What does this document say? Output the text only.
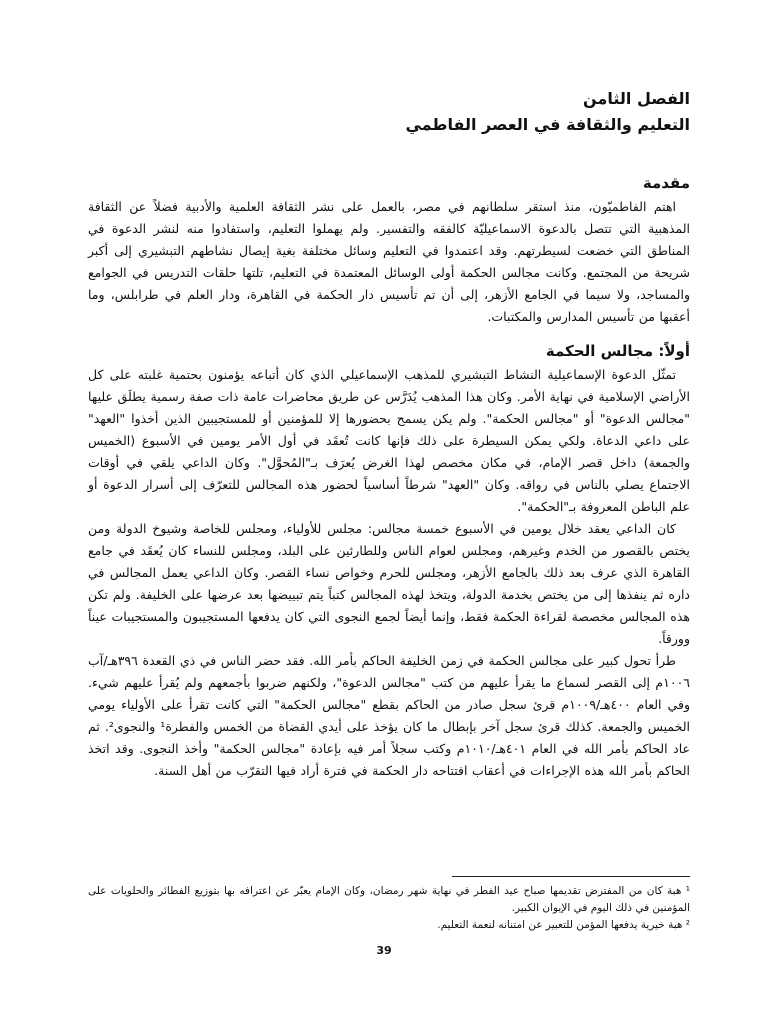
الفصل الثامن
التعليم والثقافة في العصر الفاطمي
مقدمة

اهتم الفاطميّون، منذ استقر سلطانهم في مصر، بالعمل على نشر الثقافة العلمية والأدبية فضلاً عن الثقافة المذهبية التي تتصل بالدعوة الاسماعيليّة كالفقه والتفسير. ولم يهملوا التعليم، واستفادوا منه لنشر الدعوة في المناطق التي خضعت لسيطرتهم. وقد اعتمدوا في التعليم وسائل مختلفة بغية إيصال نشاطهم التبشيري إلى أكبر شريحة من المجتمع. وكانت مجالس الحكمة أولى الوسائل المعتمدة في التعليم، تلتها حلقات التدريس في الجوامع والمساجد، ولا سيما في الجامع الأزهر، إلى أن تم تأسيس دار الحكمة في القاهرة، ودار العلم في طرابلس، وما أعقبها من تأسيس المدارس والمكتبات.

أولاً: مجالس الحكمة

تمثّل الدعوة الإسماعيلية النشاط التبشيري للمذهب الإسماعيلي الذي كان أتباعه يؤمنون بحتمية غلبته على كل الأراضي الإسلامية في نهاية الأمر. وكان هذا المذهب يُدَرَّس عن طريق محاضرات عامة ذات صفة رسمية يطلَق عليها "مجالس الدعوة" أو "مجالس الحكمة". ولم يكن يسمح بحضورها إلا للمؤمنين أو للمستجيبين الذين أخذوا "العهد" على داعي الدعاة. ولكي يمكن السيطرة على ذلك فإنها كانت تُعقَد في أول الأمر يومين في الأسبوع (الخميس والجمعة) داخل قصر الإمام، في مكان مخصص لهذا الغرض يُعرَف بـ"المُحوَّل". وكان الداعي يلقي في أوقات الاجتماع يصلي بالناس في رواقه. وكان "العهد" شرطاً أساسياً لحضور هذه المجالس للتعرّف إلى أسرار الدعوة أو علم الباطن المعروفة بـ"الحكمة".

كان الداعي يعقد خلال يومين في الأسبوع خمسة مجالس: مجلس للأولياء، ومجلس للخاصة وشيوخ الدولة ومن يختص بالقصور من الخدم وغيرهم، ومجلس لعوام الناس وللطارئين على البلد، ومجلس للنساء كان يُعقَد في جامع القاهرة الذي عرف بعد ذلك بالجامع الأزهر، ومجلس للحرم وخواص نساء القصر. وكان الداعي يعمل المجالس في داره ثم ينفذها إلى من يختص بخدمة الدولة، ويتخذ لهذه المجالس كتباً يتم تبييضها بعد عرضها على الخليفة. ولم تكن هذه المجالس مخصصة لقراءة الحكمة فقط، وإنما أيضاً لجمع النجوى التي كان يدفعها المستجيبون والمستجيبات عيناً وورقاً.

طرأ تحول كبير على مجالس الحكمة في زمن الخليفة الحاكم بأمر الله. فقد حضر الناس في ذي القعدة ٣٩٦هـ/آب ١٠٠٦م إلى القصر لسماع ما يقرأ عليهم من كتب "مجالس الدعوة"، ولكنهم ضربوا بأجمعهم ولم يُقرأ عليهم شيء. وفي العام ٤٠٠هـ/١٠٠٩م قرئ سجل صادر من الحاكم بقطع "مجالس الحكمة" التي كانت تقرأ على الأولياء يومي الخميس والجمعة. كذلك قرئ سجل آخر بإبطال ما كان يؤخذ على أيدي القضاة من الخمس والفطرة¹ والنجوى². ثم عاد الحاكم بأمر الله في العام ٤٠١هـ/١٠١٠م وكتب سجلاً أمر فيه بإعادة "مجالس الحكمة" وأخذ النجوى. وقد اتخذ الحاكم بأمر الله هذه الإجراءات في أعقاب افتتاحه دار الحكمة في فترة أراد فيها التقرّب من أهل السنة.

¹ هبة كان من المفترض تقديمها صباح عيد الفطر في نهاية شهر رمضان، وكان الإمام يعبّر عن اعترافه بها بتوزيع الفطائر والحلويات على المؤمنين في ذلك اليوم في الإيوان الكبير.

² هبة خيرية يدفعها المؤمن للتعبير عن امتنانه لنعمة التعليم.

39
